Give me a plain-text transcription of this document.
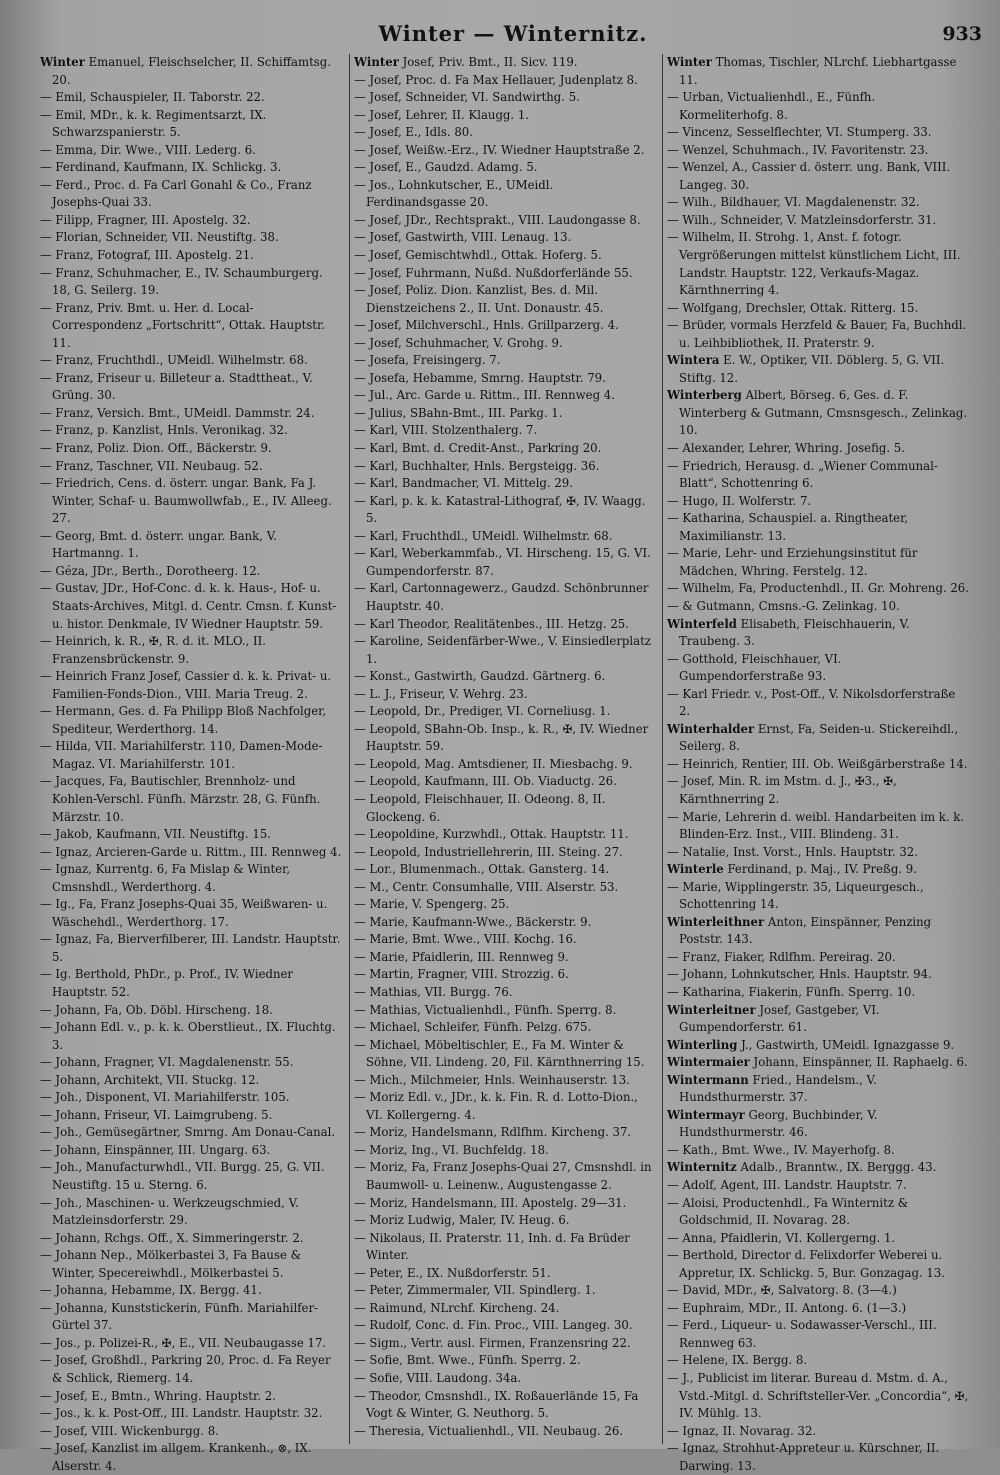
Winter — Winternitz.	933
Winter Emanuel, Fleischselcher, II. Schiffamtsg. 20.
— Emil, Schauspieler, II. Taborstr. 22.
— Emil, MDr., k. k. Regimentsarzt, IX. Schwarzspanierstr. 5.
— Emma, Dir. Wwe., VIII. Lederg. 6.
— Ferdinand, Kaufmann, IX. Schlickg. 3.
— Ferd., Proc. d. Fa Carl Gonahl & Co., Franz Josephs-Quai 33.
— Filipp, Fragner, III. Apostelg. 32.
— Florian, Schneider, VII. Neustiftg. 38.
— Franz, Fotograf, III. Apostelg. 21.
— Franz, Schuhmacher, E., IV. Schaumburgerg. 18, G. Seilerg. 19.
— Franz, Priv. Bmt. u. Her. d. Local-Correspondenz „Fortschritt“, Ottak. Hauptstr. 11.
— Franz, Fruchthdl., UMeidl. Wilhelmstr. 68.
— Franz, Friseur u. Billeteur a. Stadttheat., V. Grüng. 30.
— Franz, Versich. Bmt., UMeidl. Dammstr. 24.
— Franz, p. Kanzlist, Hnls. Veronikag. 32.
— Franz, Poliz. Dion. Off., Bäckerstr. 9.
— Franz, Taschner, VII. Neubaug. 52.
— Friedrich, Cens. d. österr. ungar. Bank, Fa J. Winter, Schaf- u. Baumwollwfab., E., IV. Alleeg. 27.
— Georg, Bmt. d. österr. ungar. Bank, V. Hartmanng. 1.
— Géza, JDr., Berth., Dorotheerg. 12.
— Gustav, JDr., Hof-Conc. d. k. k. Haus-, Hof- u. Staats-Archives, Mitgl. d. Centr. Cmsn. f. Kunst- u. histor. Denkmale, IV Wiedner Hauptstr. 59.
— Heinrich, k. R., ✠, R. d. it. MLO., II. Franzensbrückenstr. 9.
— Heinrich Franz Josef, Cassier d. k. k. Privat- u. Familien-Fonds-Dion., VIII. Maria Treug. 2.
— Hermann, Ges. d. Fa Philipp Bloß Nachfolger, Spediteur, Werderthorg. 14.
— Hilda, VII. Mariahilferstr. 110, Damen-Mode-Magaz. VI. Mariahilferstr. 101.
— Jacques, Fa, Bautischler, Brennholz- und Kohlen-Verschl. Fünfh. Märzstr. 28, G. Fünfh. Märzstr. 10.
— Jakob, Kaufmann, VII. Neustiftg. 15.
— Ignaz, Arcieren-Garde u. Rittm., III. Rennweg 4.
— Ignaz, Kurrentg. 6, Fa Mislap & Winter, Cmsnshdl., Werderthorg. 4.
— Ig., Fa, Franz Josephs-Quai 35, Weißwaren- u. Wäschehdl., Werderthorg. 17.
— Ignaz, Fa, Bierverfilberer, III. Landstr. Hauptstr. 5.
— Ig. Berthold, PhDr., p. Prof., IV. Wiedner Hauptstr. 52.
— Johann, Fa, Ob. Döbl. Hirscheng. 18.
— Johann Edl. v., p. k. k. Oberstlieut., IX. Fluchtg. 3.
— Johann, Fragner, VI. Magdalenenstr. 55.
— Johann, Architekt, VII. Stuckg. 12.
— Joh., Disponent, VI. Mariahilferstr. 105.
— Johann, Friseur, VI. Laimgrubeng. 5.
— Joh., Gemüsegärtner, Smrng. Am Donau-Canal.
— Johann, Einspänner, III. Ungarg. 63.
— Joh., Manufacturwhdl., VII. Burgg. 25, G. VII. Neustiftg. 15 u. Sterng. 6.
— Joh., Maschinen- u. Werkzeugschmied, V. Matzleinsdorferstr. 29.
— Johann, Rchgs. Off., X. Simmeringerstr. 2.
— Johann Nep., Mölkerbastei 3, Fa Bause & Winter, Specereiwhdl., Mölkerbastei 5.
— Johanna, Hebamme, IX. Bergg. 41.
— Johanna, Kunststickerin, Fünfh. Mariahilfer-Gürtel 37.
— Jos., p. Polizei-R., ✠, E., VII. Neubaugasse 17.
— Josef, Großhdl., Parkring 20, Proc. d. Fa Reyer & Schlick, Riemerg. 14.
— Josef, E., Bmtn., Whring. Hauptstr. 2.
— Jos., k. k. Post-Off., III. Landstr. Hauptstr. 32.
— Josef, VIII. Wickenburgg. 8.
— Josef, Kanzlist im allgem. Krankenh., ⊗, IX. Alserstr. 4.
Winter Josef, Priv. Bmt., II. Sicv. 119.
— Josef, Proc. d. Fa Max Hellauer, Judenplatz 8.
— Josef, Schneider, VI. Sandwirthg. 5.
— Josef, Lehrer, II. Klaugg. 1.
— Josef, E., Idls. 80.
— Josef, Weißw.-Erz., IV. Wiedner Hauptstraße 2.
— Josef, E., Gaudzd. Adamg. 5.
— Jos., Lohnkutscher, E., UMeidl. Ferdinandsgasse 20.
— Josef, JDr., Rechtsprakt., VIII. Laudongasse 8.
— Josef, Gastwirth, VIII. Lenaug. 13.
— Josef, Gemischtwhdl., Ottak. Hoferg. 5.
— Josef, Fuhrmann, Nußd. Nußdorferlände 55.
— Josef, Poliz. Dion. Kanzlist, Bes. d. Mil. Dienstzeichens 2., II. Unt. Donaustr. 45.
— Josef, Milchverschl., Hnls. Grillparzerg. 4.
— Josef, Schuhmacher, V. Grohg. 9.
— Josefa, Freisingerg. 7.
— Josefa, Hebamme, Smrng. Hauptstr. 79.
— Jul., Arc. Garde u. Rittm., III. Rennweg 4.
— Julius, SBahn-Bmt., III. Parkg. 1.
— Karl, VIII. Stolzenthalerg. 7.
— Karl, Bmt. d. Credit-Anst., Parkring 20.
— Karl, Buchhalter, Hnls. Bergsteigg. 36.
— Karl, Bandmacher, VI. Mittelg. 29.
— Karl, p. k. k. Katastral-Lithograf, ✠, IV. Waagg. 5.
— Karl, Fruchthdl., UMeidl. Wilhelmstr. 68.
— Karl, Weberkammfab., VI. Hirscheng. 15, G. VI. Gumpendorferstr. 87.
— Karl, Cartonnagewerz., Gaudzd. Schönbrunner Hauptstr. 40.
— Karl Theodor, Realitätenbes., III. Hetzg. 25.
— Karoline, Seidenfärber-Wwe., V. Einsiedlerplatz 1.
— Konst., Gastwirth, Gaudzd. Gärtnerg. 6.
— L. J., Friseur, V. Wehrg. 23.
— Leopold, Dr., Prediger, VI. Corneliusg. 1.
— Leopold, SBahn-Ob. Insp., k. R., ✠, IV. Wiedner Hauptstr. 59.
— Leopold, Mag. Amtsdiener, II. Miesbachg. 9.
— Leopold, Kaufmann, III. Ob. Viaductg. 26.
— Leopold, Fleischhauer, II. Odeong. 8, II. Glockeng. 6.
— Leopoldine, Kurzwhdl., Ottak. Hauptstr. 11.
— Leopold, Industriellehrerin, III. Steing. 27.
— Lor., Blumenmach., Ottak. Gansterg. 14.
— M., Centr. Consumhalle, VIII. Alserstr. 53.
— Marie, V. Spengerg. 25.
— Marie, Kaufmann-Wwe., Bäckerstr. 9.
— Marie, Bmt. Wwe., VIII. Kochg. 16.
— Marie, Pfaidlerin, III. Rennweg 9.
— Martin, Fragner, VIII. Strozzig. 6.
— Mathias, VII. Burgg. 76.
— Mathias, Victualienhdl., Fünfh. Sperrg. 8.
— Michael, Schleifer, Fünfh. Pelzg. 675.
— Michael, Möbeltischler, E., Fa M. Winter & Söhne, VII. Lindeng. 20, Fil. Kärnthnerring 15.
— Mich., Milchmeier, Hnls. Weinhauserstr. 13.
— Moriz Edl. v., JDr., k. k. Fin. R. d. Lotto-Dion., VI. Kollergerng. 4.
— Moriz, Handelsmann, Rdlfhm. Kircheng. 37.
— Moriz, Ing., VI. Buchfeldg. 18.
— Moriz, Fa, Franz Josephs-Quai 27, Cmsnshdl. in Baumwoll- u. Leinenw., Augustengasse 2.
— Moriz, Handelsmann, III. Apostelg. 29—31.
— Moriz Ludwig, Maler, IV. Heug. 6.
— Nikolaus, II. Praterstr. 11, Inh. d. Fa Brüder Winter.
— Peter, E., IX. Nußdorferstr. 51.
— Peter, Zimmermaler, VII. Spindlerg. 1.
— Raimund, NLrchf. Kircheng. 24.
— Rudolf, Conc. d. Fin. Proc., VIII. Langeg. 30.
— Sigm., Vertr. ausl. Firmen, Franzensring 22.
— Sofie, Bmt. Wwe., Fünfh. Sperrg. 2.
— Sofie, VIII. Laudong. 34a.
— Theodor, Cmsnshdl., IX. Roßauerlände 15, Fa Vogt & Winter, G. Neuthorg. 5.
— Theresia, Victualienhdl., VII. Neubaug. 26.
Winter Thomas, Tischler, NLrchf. Liebhartgasse 11.
— Urban, Victualienhdl., E., Fünfh. Kormeliterhofg. 8.
— Vincenz, Sesselflechter, VI. Stumperg. 33.
— Wenzel, Schuhmach., IV. Favoritenstr. 23.
— Wenzel, A., Cassier d. österr. ung. Bank, VIII. Langeg. 30.
— Wilh., Bildhauer, VI. Magdalenenstr. 32.
— Wilh., Schneider, V. Matzleinsdorferstr. 31.
— Wilhelm, II. Strohg. 1, Anst. f. fotogr. Vergrößerungen mittelst künstlichem Licht, III. Landstr. Hauptstr. 122, Verkaufs-Magaz. Kärnthnerring 4.
— Wolfgang, Drechsler, Ottak. Ritterg. 15.
— Brüder, vormals Herzfeld & Bauer, Fa, Buchhdl. u. Leihbibliothek, II. Praterstr. 9.
Wintera E. W., Optiker, VII. Döblerg. 5, G. VII. Stiftg. 12.
Winterberg Albert, Börseg. 6, Ges. d. F. Winterberg & Gutmann, Cmsnsgesch., Zelinkag. 10.
— Alexander, Lehrer, Whring. Josefig. 5.
— Friedrich, Herausg. d. „Wiener Communal-Blatt“, Schottenring 6.
— Hugo, II. Wolferstr. 7.
— Katharina, Schauspiel. a. Ringtheater, Maximilianstr. 13.
— Marie, Lehr- und Erziehungsinstitut für Mädchen, Whring. Ferstelg. 12.
— Wilhelm, Fa, Productenhdl., II. Gr. Mohreng. 26.
— & Gutmann, Cmsns.-G. Zelinkag. 10.
Winterfeld Elisabeth, Fleischhauerin, V. Traubeng. 3.
— Gotthold, Fleischhauer, VI. Gumpendorferstraße 93.
— Karl Friedr. v., Post-Off., V. Nikolsdorferstraße 2.
Winterhalder Ernst, Fa, Seiden-u. Stickereihdl., Seilerg. 8.
— Heinrich, Rentier, III. Ob. Weißgärberstraße 14.
— Josef, Min. R. im Mstm. d. J., ✠3., ✠, Kärnthnerring 2.
— Marie, Lehrerin d. weibl. Handarbeiten im k. k. Blinden-Erz. Inst., VIII. Blindeng. 31.
— Natalie, Inst. Vorst., Hnls. Hauptstr. 32.
Winterle Ferdinand, p. Maj., IV. Preßg. 9.
— Marie, Wipplingerstr. 35, Liqueurgesch., Schottenring 14.
Winterleithner Anton, Einspänner, Penzing Poststr. 143.
— Franz, Fiaker, Rdlfhm. Pereirag. 20.
— Johann, Lohnkutscher, Hnls. Hauptstr. 94.
— Katharina, Fiakerin, Fünfh. Sperrg. 10.
Winterleitner Josef, Gastgeber, VI. Gumpendorferstr. 61.
Winterling J., Gastwirth, UMeidl. Ignazgasse 9.
Wintermaier Johann, Einspänner, II. Raphaelg. 6.
Wintermann Fried., Handelsm., V. Hundsthurmerstr. 37.
Wintermayr Georg, Buchbinder, V. Hundsthurmerstr. 46.
— Kath., Bmt. Wwe., IV. Mayerhofg. 8.
Winternitz Adalb., Branntw., IX. Berggg. 43.
— Adolf, Agent, III. Landstr. Hauptstr. 7.
— Aloisi, Productenhdl., Fa Winternitz & Goldschmid, II. Novarag. 28.
— Anna, Pfaidlerin, VI. Kollergerng. 1.
— Berthold, Director d. Felixdorfer Weberei u. Appretur, IX. Schlickg. 5, Bur. Gonzagag. 13.
— David, MDr., ✠, Salvatorg. 8. (3—4.)
— Euphraim, MDr., II. Antong. 6. (1—3.)
— Ferd., Liqueur- u. Sodawasser-Verschl., III. Rennweg 63.
— Helene, IX. Bergg. 8.
— J., Publicist im literar. Bureau d. Mstm. d. A., Vstd.-Mitgl. d. Schriftsteller-Ver. „Concordia“, ✠, IV. Mühlg. 13.
— Ignaz, II. Novarag. 32.
— Ignaz, Strohhut-Appreteur u. Kürschner, II. Darwing. 13.
